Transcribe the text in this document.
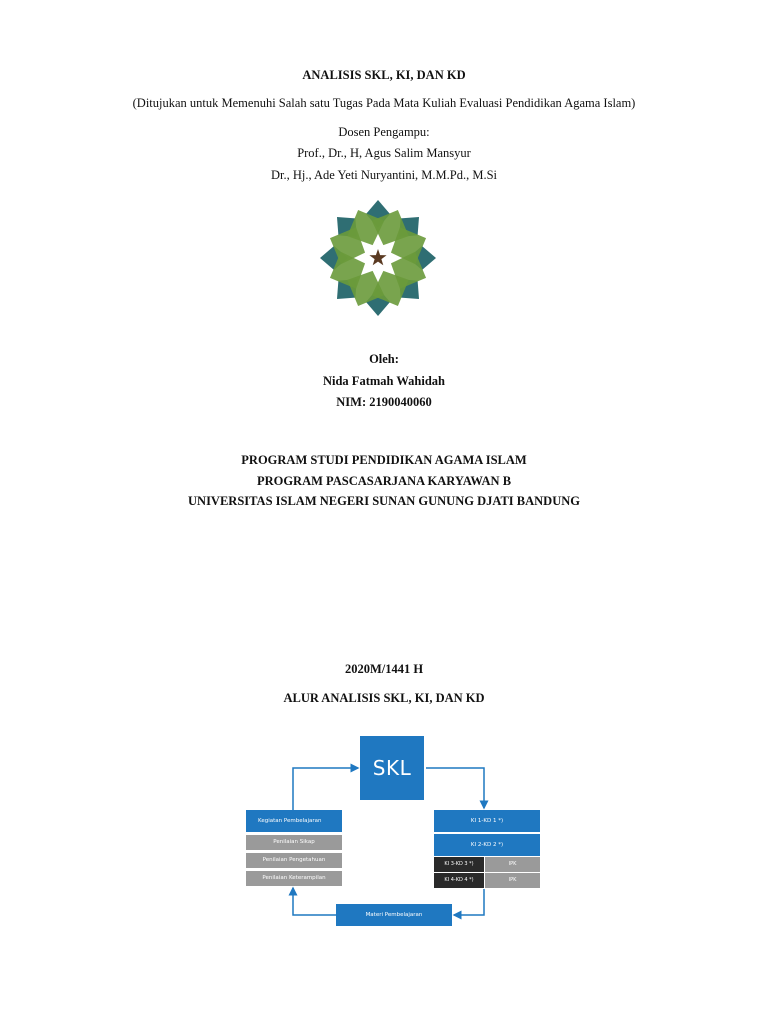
ANALISIS SKL, KI, DAN KD
(Ditujukan untuk Memenuhi Salah satu Tugas Pada Mata Kuliah Evaluasi Pendidikan Agama Islam)
Dosen Pengampu:
Prof., Dr., H, Agus Salim Mansyur
Dr., Hj., Ade Yeti Nuryantini, M.M.Pd., M.Si
Oleh:
Nida Fatmah Wahidah
NIM: 2190040060
PROGRAM STUDI PENDIDIKAN AGAMA ISLAM
PROGRAM PASCASARJANA KARYAWAN B
UNIVERSITAS ISLAM NEGERI SUNAN GUNUNG DJATI BANDUNG
2020M/1441 H
ALUR ANALISIS SKL, KI, DAN KD
SKL
Kegiatan Pembelajaran
Penilaian Sikap
Penilaian Pengetahuan
Penilaian Keterampilan
KI 1-KD 1 *)
KI 2-KD 2 *)
KI 3-KD 3 *)	IPK
KI 4-KD 4 *)	IPK
Materi Pembelajaran
